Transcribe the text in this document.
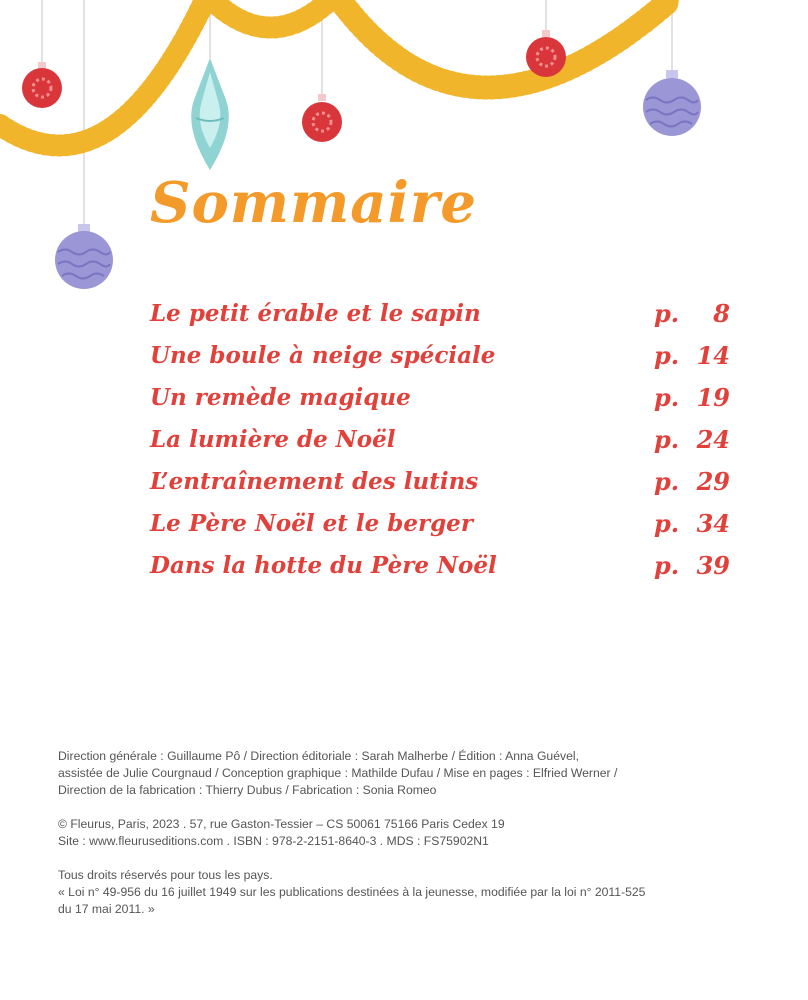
Sommaire
Le petit érable et le sapin	p. 8
Une boule à neige spéciale	p. 14
Un remède magique	p. 19
La lumière de Noël	p. 24
L’entraînement des lutins	p. 29
Le Père Noël et le berger	p. 34
Dans la hotte du Père Noël	p. 39

Direction générale : Guillaume Pô / Direction éditoriale : Sarah Malherbe / Édition : Anna Guével,
assistée de Julie Courgnaud / Conception graphique : Mathilde Dufau / Mise en pages : Elfried Werner /
Direction de la fabrication : Thierry Dubus / Fabrication : Sonia Romeo

© Fleurus, Paris, 2023 . 57, rue Gaston-Tessier – CS 50061 75166 Paris Cedex 19
Site : www.fleuruseditions.com . ISBN : 978-2-2151-8640-3 . MDS : FS75902N1

Tous droits réservés pour tous les pays.
« Loi n° 49-956 du 16 juillet 1949 sur les publications destinées à la jeunesse, modifiée par la loi n° 2011-525
du 17 mai 2011. »
